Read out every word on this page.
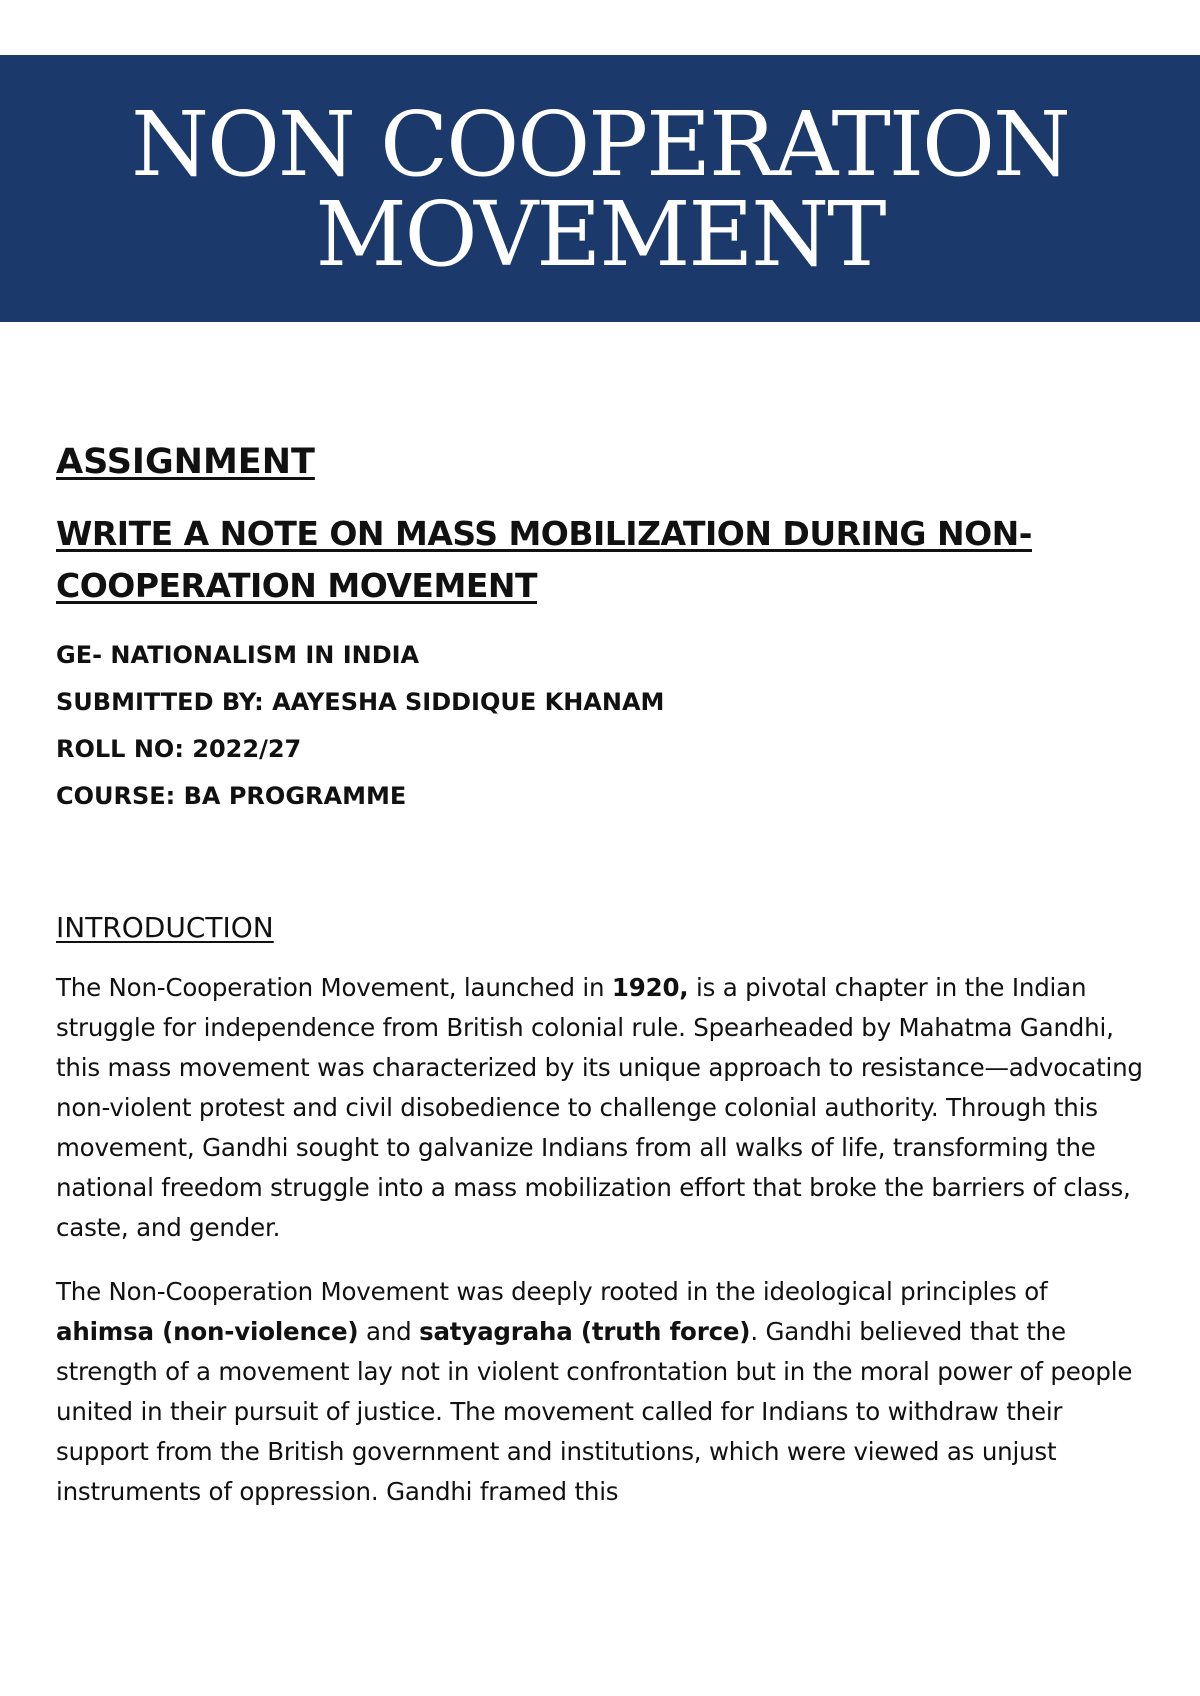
NON COOPERATION
MOVEMENT
ASSIGNMENT
WRITE A NOTE ON MASS MOBILIZATION DURING NON-COOPERATION MOVEMENT
GE- NATIONALISM IN INDIA
SUBMITTED BY: AAYESHA SIDDIQUE KHANAM
ROLL NO: 2022/27
COURSE: BA PROGRAMME
INTRODUCTION

The Non-Cooperation Movement, launched in 1920, is a pivotal chapter in the Indian struggle for independence from British colonial rule. Spearheaded by Mahatma Gandhi, this mass movement was characterized by its unique approach to resistance—advocating non-violent protest and civil disobedience to challenge colonial authority. Through this movement, Gandhi sought to galvanize Indians from all walks of life, transforming the national freedom struggle into a mass mobilization effort that broke the barriers of class, caste, and gender.

The Non-Cooperation Movement was deeply rooted in the ideological principles of ahimsa (non-violence) and satyagraha (truth force). Gandhi believed that the strength of a movement lay not in violent confrontation but in the moral power of people united in their pursuit of justice. The movement called for Indians to withdraw their support from the British government and institutions, which were viewed as unjust instruments of oppression. Gandhi framed this
